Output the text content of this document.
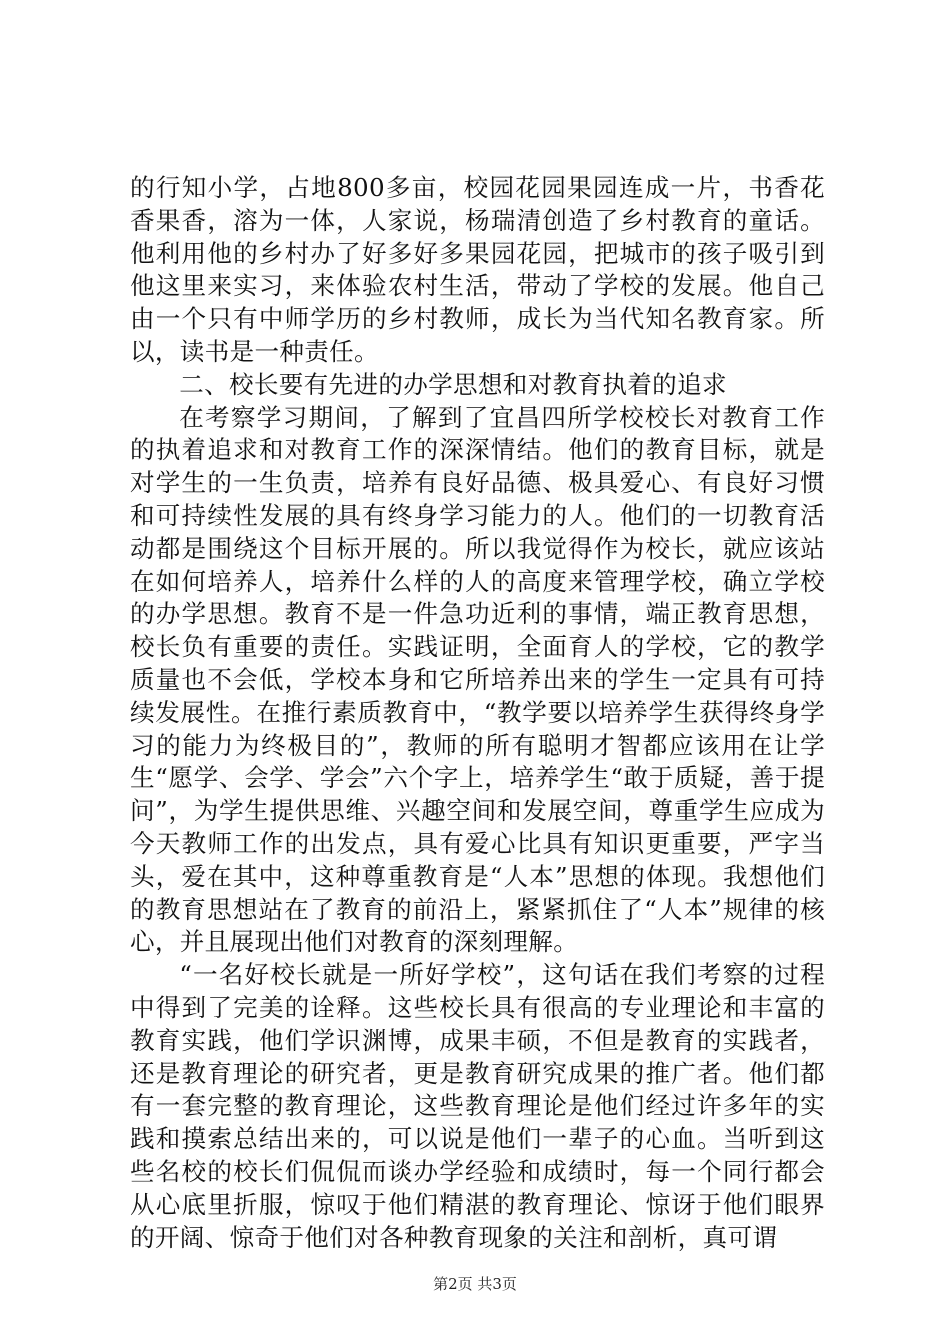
的行知小学，占地800多亩，校园花园果园连成一片，书香花香果香，溶为一体，人家说，杨瑞清创造了乡村教育的童话。他利用他的乡村办了好多好多果园花园，把城市的孩子吸引到他这里来实习，来体验农村生活，带动了学校的发展。他自己由一个只有中师学历的乡村教师，成长为当代知名教育家。所以，读书是一种责任。

二、校长要有先进的办学思想和对教育执着的追求

在考察学习期间，了解到了宜昌四所学校校长对教育工作的执着追求和对教育工作的深深情结。他们的教育目标，就是对学生的一生负责，培养有良好品德、极具爱心、有良好习惯和可持续性发展的具有终身学习能力的人。他们的一切教育活动都是围绕这个目标开展的。所以我觉得作为校长，就应该站在如何培养人，培养什么样的人的高度来管理学校，确立学校的办学思想。教育不是一件急功近利的事情，端正教育思想，校长负有重要的责任。实践证明，全面育人的学校，它的教学质量也不会低，学校本身和它所培养出来的学生一定具有可持续发展性。在推行素质教育中，“教学要以培养学生获得终身学习的能力为终极目的”，教师的所有聪明才智都应该用在让学生“愿学、会学、学会”六个字上，培养学生“敢于质疑，善于提问”，为学生提供思维、兴趣空间和发展空间，尊重学生应成为今天教师工作的出发点，具有爱心比具有知识更重要，严字当头，爱在其中，这种尊重教育是“人本”思想的体现。我想他们的教育思想站在了教育的前沿上，紧紧抓住了“人本”规律的核心，并且展现出他们对教育的深刻理解。

“一名好校长就是一所好学校”，这句话在我们考察的过程中得到了完美的诠释。这些校长具有很高的专业理论和丰富的教育实践，他们学识渊博，成果丰硕，不但是教育的实践者，还是教育理论的研究者，更是教育研究成果的推广者。他们都有一套完整的教育理论，这些教育理论是他们经过许多年的实践和摸索总结出来的，可以说是他们一辈子的心血。当听到这些名校的校长们侃侃而谈办学经验和成绩时，每一个同行都会从心底里折服，惊叹于他们精湛的教育理论、惊讶于他们眼界的开阔、惊奇于他们对各种教育现象的关注和剖析，真可谓

第2页 共3页
